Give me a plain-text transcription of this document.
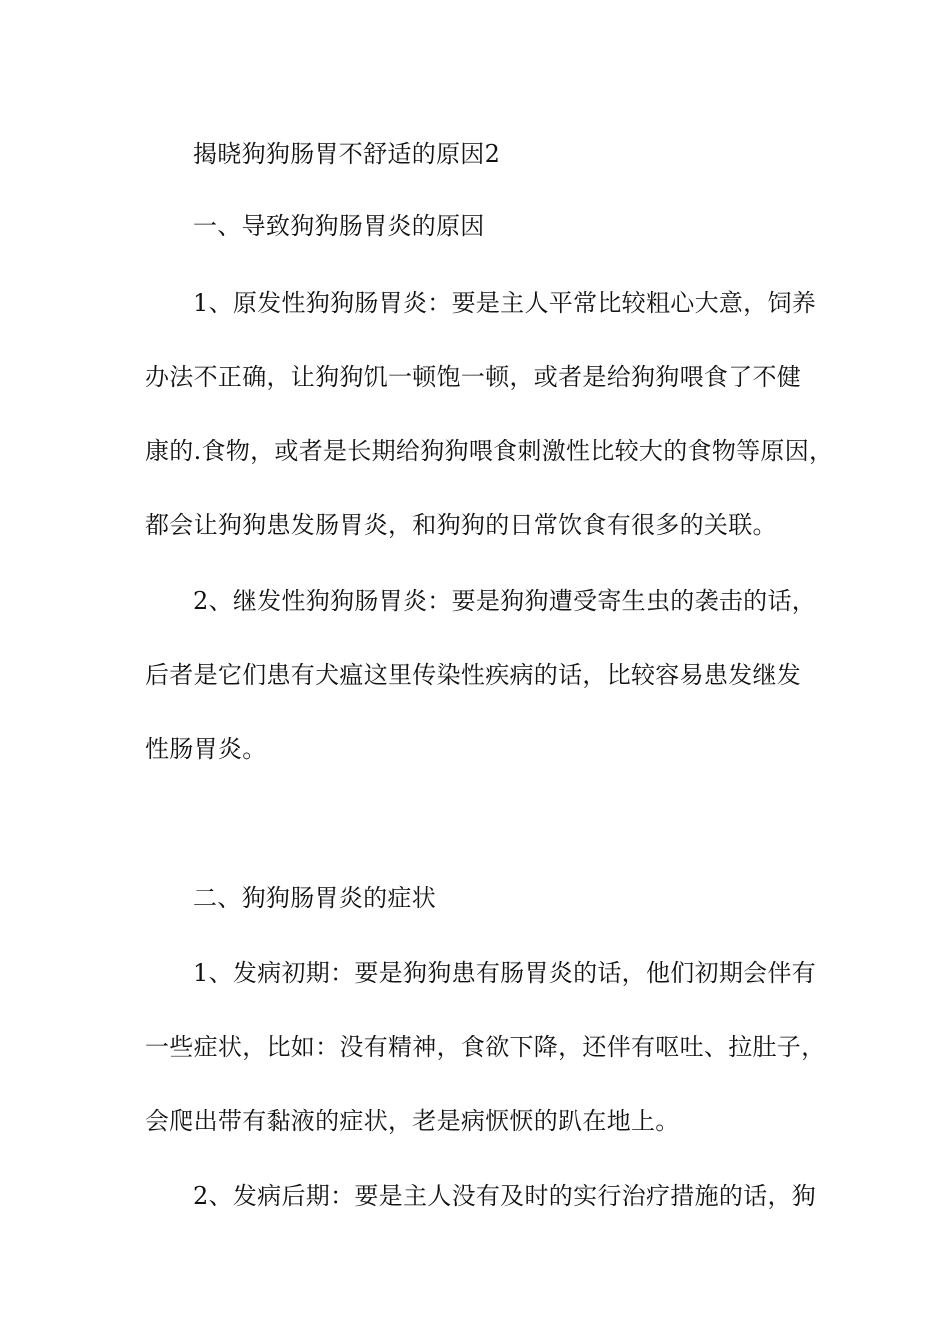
揭晓狗狗肠胃不舒适的原因2
一、导致狗狗肠胃炎的原因
1、原发性狗狗肠胃炎：要是主人平常比较粗心大意，饲养
办法不正确，让狗狗饥一顿饱一顿，或者是给狗狗喂食了不健
康的.食物，或者是长期给狗狗喂食刺激性比较大的食物等原因，
都会让狗狗患发肠胃炎，和狗狗的日常饮食有很多的关联。
2、继发性狗狗肠胃炎：要是狗狗遭受寄生虫的袭击的话，
后者是它们患有犬瘟这里传染性疾病的话，比较容易患发继发
性肠胃炎。
二、狗狗肠胃炎的症状
1、发病初期：要是狗狗患有肠胃炎的话，他们初期会伴有
一些症状，比如：没有精神，食欲下降，还伴有呕吐、拉肚子，
会爬出带有黏液的症状，老是病恹恹的趴在地上。
2、发病后期：要是主人没有及时的实行治疗措施的话，狗
